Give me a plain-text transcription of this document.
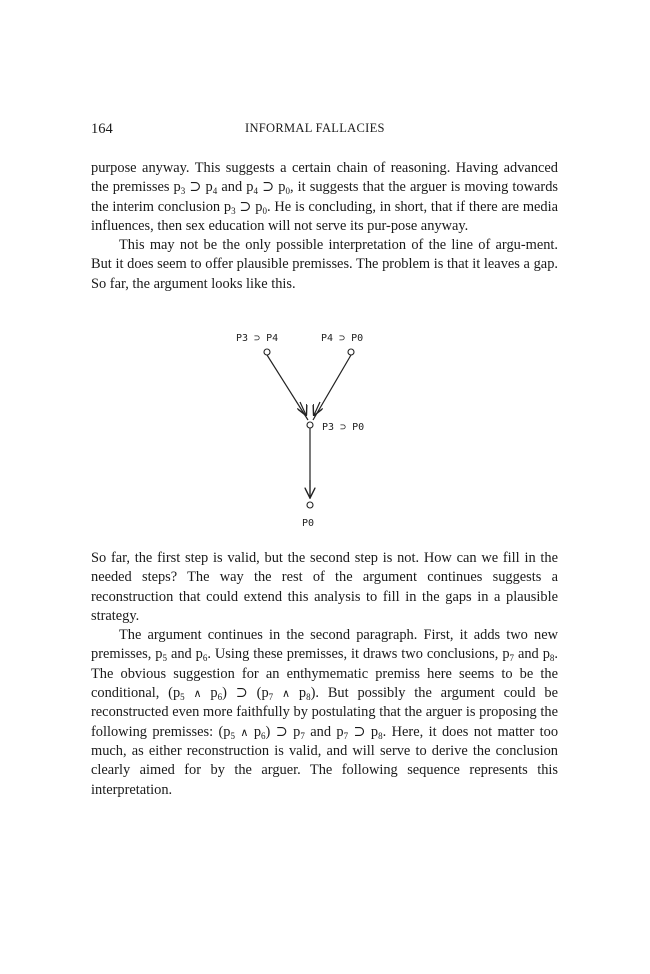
164	INFORMAL FALLACIES

purpose anyway. This suggests a certain chain of reasoning. Having advanced the premisses $p_3$ ⊃ $p_4$ and $p_4$ ⊃ $p_0$, it suggests that the arguer is moving towards the interim conclusion $p_3$ ⊃ $p_0$. He is concluding, in short, that if there are media influences, then sex education will not serve its pur-pose anyway.

This may not be the only possible interpretation of the line of argu-ment. But it does seem to offer plausible premisses. The problem is that it leaves a gap. So far, the argument looks like this.

P3 ⊃ P4	P4 ⊃ P0
P3 ⊃ P0
P0

So far, the first step is valid, but the second step is not. How can we fill in the needed steps? The way the rest of the argument continues suggests a reconstruction that could extend this analysis to fill in the gaps in a plausible strategy.

The argument continues in the second paragraph. First, it adds two new premisses, $p_5$ and $p_6$. Using these premisses, it draws two conclusions, $p_7$ and $p_8$. The obvious suggestion for an enthymematic premiss here seems to be the conditional, ($p_5$ ∧ $p_6$) ⊃ ($p_7$ ∧ $p_8$). But possibly the argument could be reconstructed even more faithfully by postulating that the arguer is proposing the following premisses: ($p_5$ ∧ $p_6$) ⊃ $p_7$ and $p_7$ ⊃ $p_8$. Here, it does not matter too much, as either reconstruction is valid, and will serve to derive the conclusion clearly aimed for by the arguer. The following sequence represents this interpretation.
